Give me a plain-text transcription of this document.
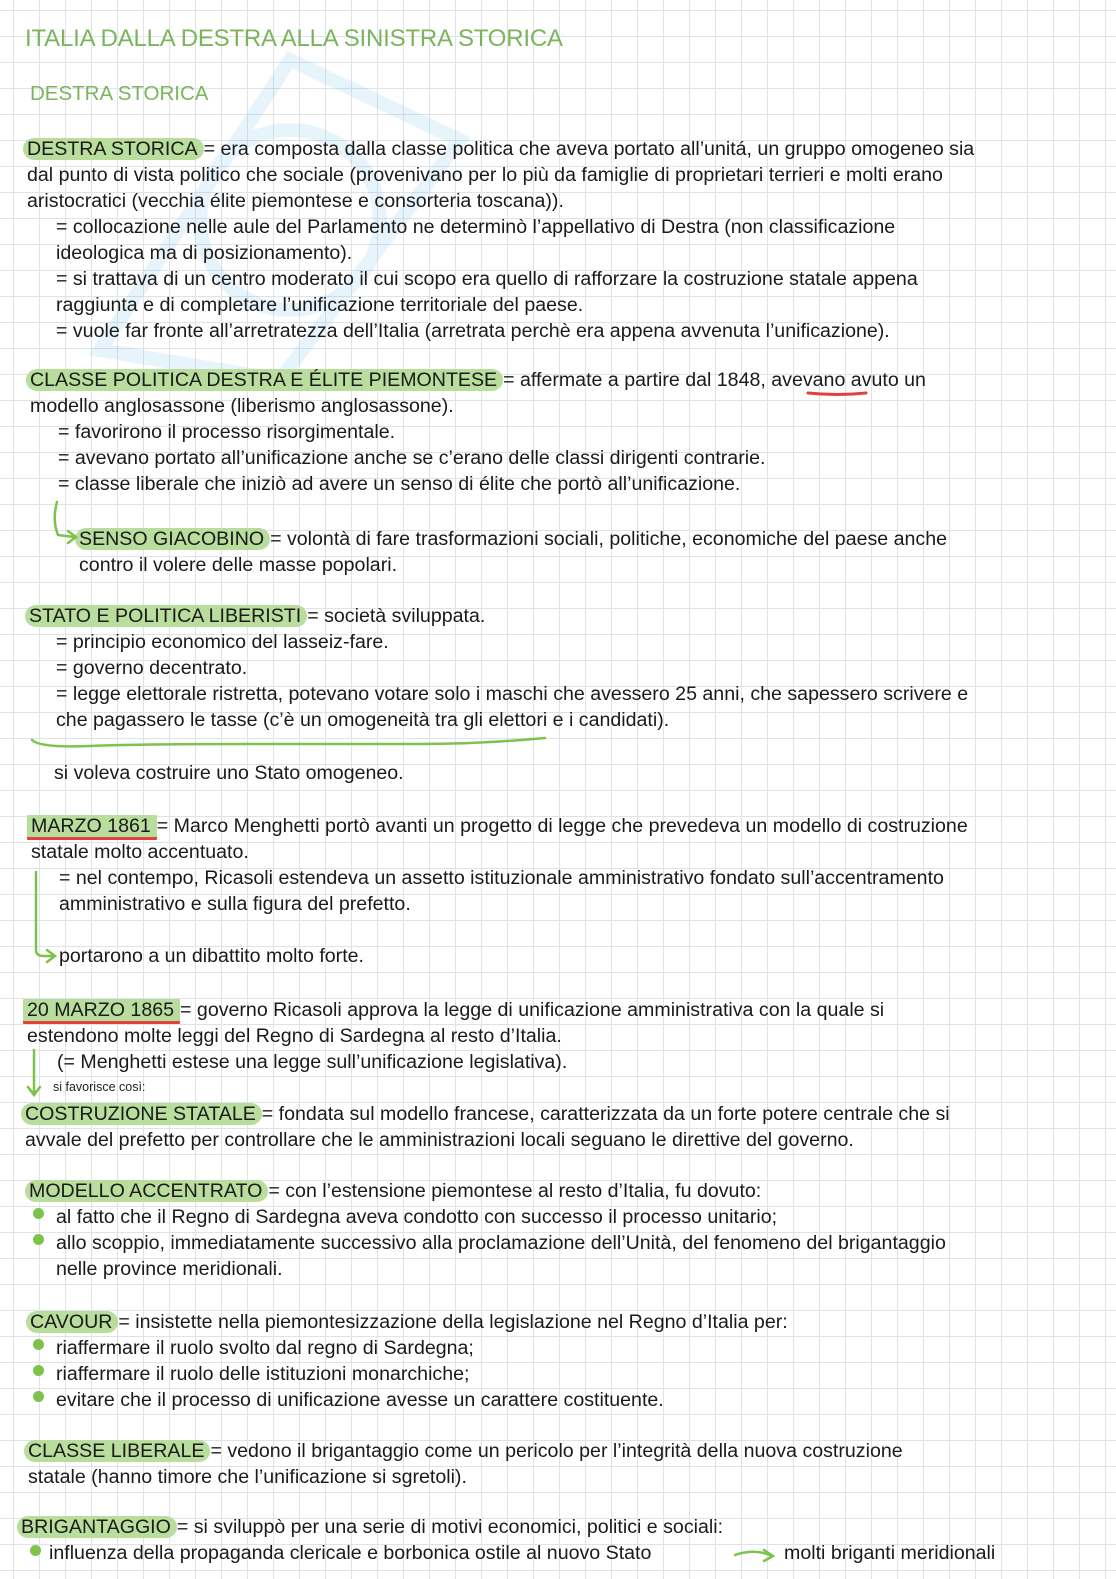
ITALIA DALLA DESTRA ALLA SINISTRA STORICA
DESTRA STORICA
DESTRA STORICA = era composta dalla classe politica che aveva portato all’unitá, un gruppo omogeneo sia
dal punto di vista politico che sociale (provenivano per lo più da famiglie di proprietari terrieri e molti erano
aristocratici (vecchia élite piemontese e consorteria toscana)).
= collocazione nelle aule del Parlamento ne determinò l’appellativo di Destra (non classificazione
ideologica ma di posizionamento).
= si trattava di un centro moderato il cui scopo era quello di rafforzare la costruzione statale appena
raggiunta e di completare l’unificazione territoriale del paese.
= vuole far fronte all’arretratezza dell’Italia (arretrata perchè era appena avvenuta l’unificazione).
CLASSE POLITICA DESTRA E ÉLITE PIEMONTESE = affermate a partire dal 1848, avevano avuto un
modello anglosassone (liberismo anglosassone).
= favorirono il processo risorgimentale.
= avevano portato all’unificazione anche se c’erano delle classi dirigenti contrarie.
= classe liberale che iniziò ad avere un senso di élite che portò all’unificazione.
SENSO GIACOBINO = volontà di fare trasformazioni sociali, politiche, economiche del paese anche
contro il volere delle masse popolari.
STATO E POLITICA LIBERISTI = società sviluppata.
= principio economico del lasseiz-fare.
= governo decentrato.
= legge elettorale ristretta, potevano votare solo i maschi che avessero 25 anni, che sapessero scrivere e
che pagassero le tasse (c’è un omogeneità tra gli elettori e i candidati).
si voleva costruire uno Stato omogeneo.
MARZO 1861 = Marco Menghetti portò avanti un progetto di legge che prevedeva un modello di costruzione
statale molto accentuato.
= nel contempo, Ricasoli estendeva un assetto istituzionale amministrativo fondato sull’accentramento
amministrativo e sulla figura del prefetto.
portarono a un dibattito molto forte.
20 MARZO 1865 = governo Ricasoli approva la legge di unificazione amministrativa con la quale si
estendono molte leggi del Regno di Sardegna al resto d’Italia.
(= Menghetti estese una legge sull’unificazione legislativa).
si favorisce così:
COSTRUZIONE STATALE = fondata sul modello francese, caratterizzata da un forte potere centrale che si
avvale del prefetto per controllare che le amministrazioni locali seguano le direttive del governo.
MODELLO ACCENTRATO = con l’estensione piemontese al resto d’Italia, fu dovuto:
al fatto che il Regno di Sardegna aveva condotto con successo il processo unitario;
allo scoppio, immediatamente successivo alla proclamazione dell’Unità, del fenomeno del brigantaggio
nelle province meridionali.
CAVOUR = insistette nella piemontesizzazione della legislazione nel Regno d’Italia per:
riaffermare il ruolo svolto dal regno di Sardegna;
riaffermare il ruolo delle istituzioni monarchiche;
evitare che il processo di unificazione avesse un carattere costituente.
CLASSE LIBERALE = vedono il brigantaggio come un pericolo per l’integrità della nuova costruzione
statale (hanno timore che l’unificazione si sgretoli).
BRIGANTAGGIO = si sviluppò per una serie di motivi economici, politici e sociali:
influenza della propaganda clericale e borbonica ostile al nuovo Stato	molti briganti meridionali
